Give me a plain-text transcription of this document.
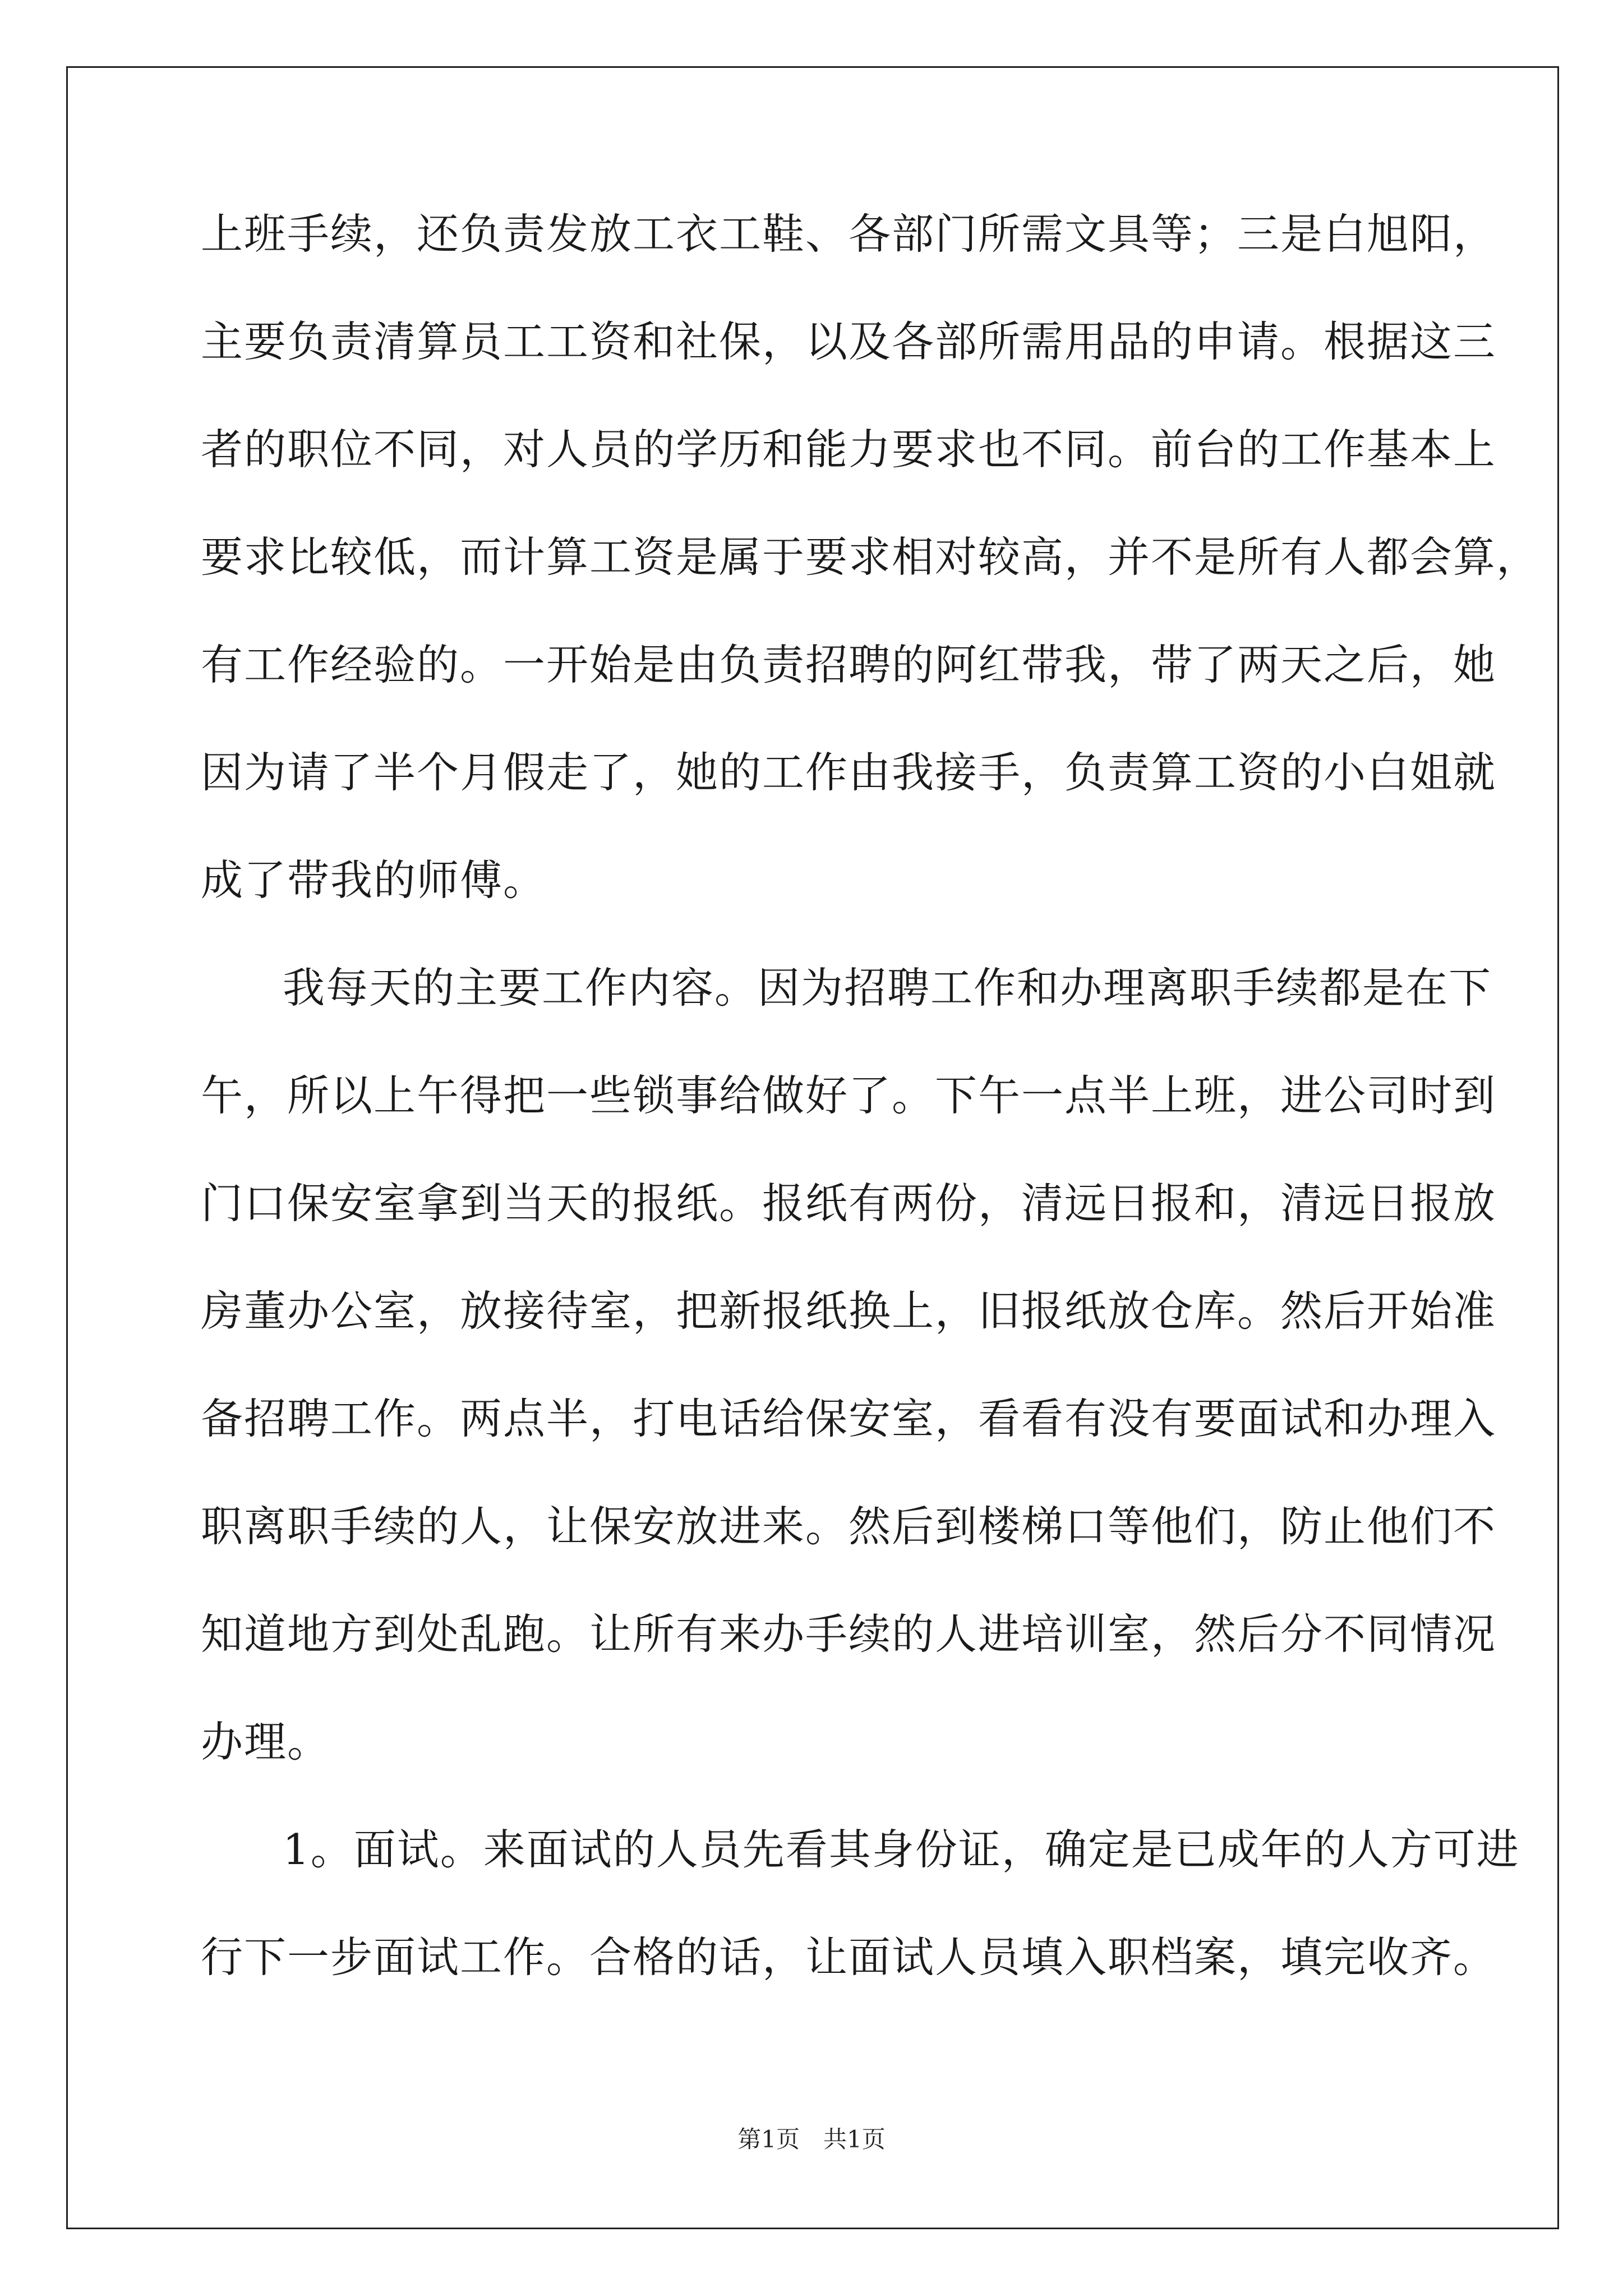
上班手续，还负责发放工衣工鞋、各部门所需文具等；三是白旭阳，
主要负责清算员工工资和社保，以及各部所需用品的申请。根据这三
者的职位不同，对人员的学历和能力要求也不同。前台的工作基本上
要求比较低，而计算工资是属于要求相对较高，并不是所有人都会算，
有工作经验的。一开始是由负责招聘的阿红带我，带了两天之后，她
因为请了半个月假走了，她的工作由我接手，负责算工资的小白姐就
成了带我的师傅。
我每天的主要工作内容。因为招聘工作和办理离职手续都是在下
午，所以上午得把一些锁事给做好了。下午一点半上班，进公司时到
门口保安室拿到当天的报纸。报纸有两份，清远日报和，清远日报放
房董办公室，放接待室，把新报纸换上，旧报纸放仓库。然后开始准
备招聘工作。两点半，打电话给保安室，看看有没有要面试和办理入
职离职手续的人，让保安放进来。然后到楼梯口等他们，防止他们不
知道地方到处乱跑。让所有来办手续的人进培训室，然后分不同情况
办理。
1。面试。来面试的人员先看其身份证，确定是已成年的人方可进
行下一步面试工作。合格的话，让面试人员填入职档案，填完收齐。
第1页 共1页
